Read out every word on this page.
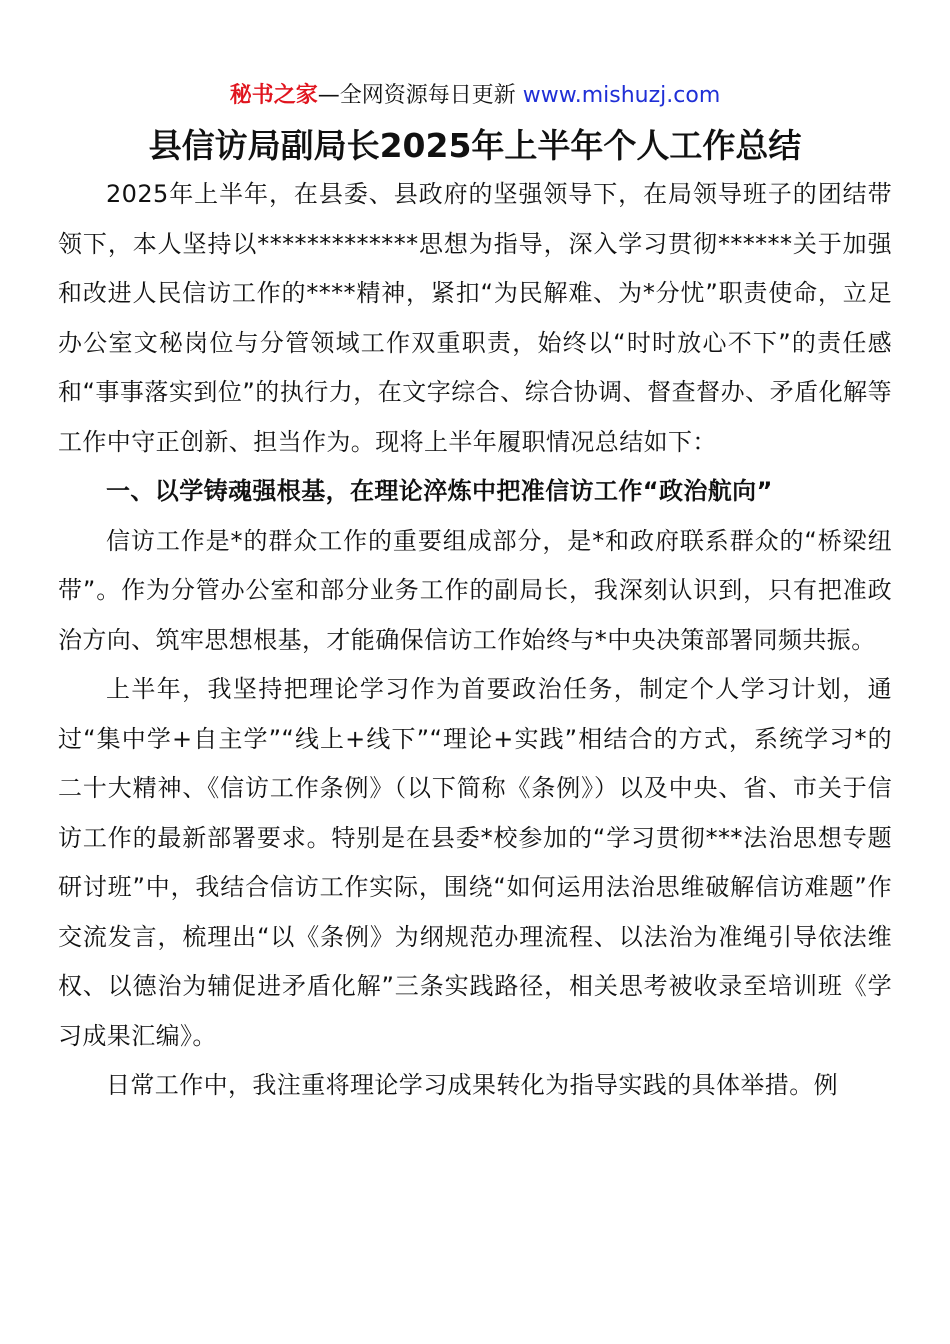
秘书之家—全网资源每日更新 www.mishuzj.com
县信访局副局长2025年上半年个人工作总结

2025年上半年，在县委、县政府的坚强领导下，在局领导班子的团结带领下，本人坚持以*************思想为指导，深入学习贯彻******关于加强和改进人民信访工作的****精神，紧扣“为民解难、为*分忧”职责使命，立足办公室文秘岗位与分管领域工作双重职责，始终以“时时放心不下”的责任感和“事事落实到位”的执行力，在文字综合、综合协调、督查督办、矛盾化解等工作中守正创新、担当作为。现将上半年履职情况总结如下：

一、以学铸魂强根基，在理论淬炼中把准信访工作“政治航向”

信访工作是*的群众工作的重要组成部分，是*和政府联系群众的“桥梁纽带”。作为分管办公室和部分业务工作的副局长，我深刻认识到，只有把准政治方向、筑牢思想根基，才能确保信访工作始终与*中央决策部署同频共振。

上半年，我坚持把理论学习作为首要政治任务，制定个人学习计划，通过“集中学+自主学”“线上+线下”“理论+实践”相结合的方式，系统学习*的二十大精神、《信访工作条例》（以下简称《条例》）以及中央、省、市关于信访工作的最新部署要求。特别是在县委*校参加的“学习贯彻***法治思想专题研讨班”中，我结合信访工作实际，围绕“如何运用法治思维破解信访难题”作交流发言，梳理出“以《条例》为纲规范办理流程、以法治为准绳引导依法维权、以德治为辅促进矛盾化解”三条实践路径，相关思考被收录至培训班《学习成果汇编》。

日常工作中，我注重将理论学习成果转化为指导实践的具体举措。例
